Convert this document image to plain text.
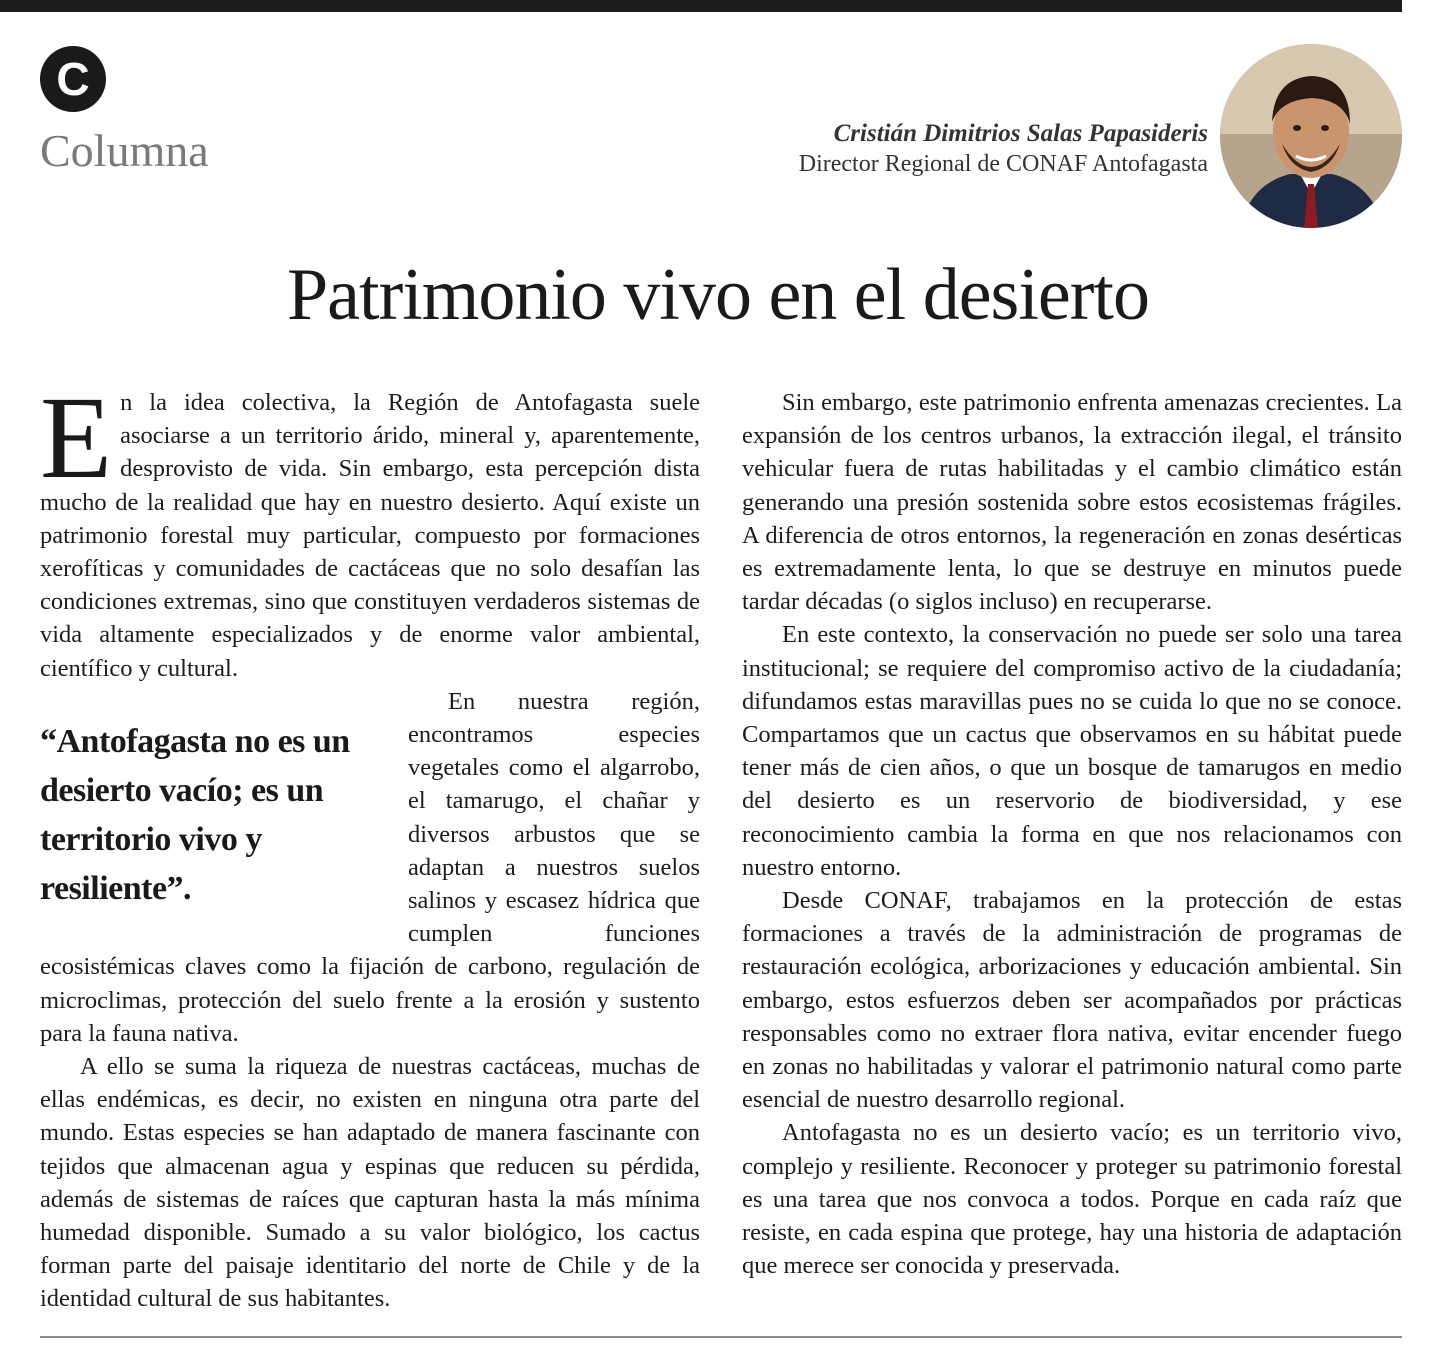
C
Columna	Cristián Dimitrios Salas Papasideris
Director Regional de CONAF Antofagasta
Patrimonio vivo en el desierto

En la idea colectiva, la Región de Antofagasta suele asociarse a un territorio árido, mineral y, aparentemente, desprovisto de vida. Sin embargo, esta percepción dista mucho de la realidad que hay en nuestro desierto. Aquí existe un patrimonio forestal muy particular, compuesto por formaciones xerofíticas y comunidades de cactáceas que no solo desafían las condiciones extremas, sino que constituyen verdaderos sistemas de vida altamente especializados y de enorme valor ambiental, científico y cultural.

“Antofagasta no es un desierto vacío; es un territorio vivo y resiliente”.

En nuestra región, encontramos especies vegetales como el algarrobo, el tamarugo, el chañar y diversos arbustos que se adaptan a nuestros suelos salinos y escasez hídrica que cumplen funciones ecosistémicas claves como la fijación de carbono, regulación de microclimas, protección del suelo frente a la erosión y sustento para la fauna nativa.

A ello se suma la riqueza de nuestras cactáceas, muchas de ellas endémicas, es decir, no existen en ninguna otra parte del mundo. Estas especies se han adaptado de manera fascinante con tejidos que almacenan agua y espinas que reducen su pérdida, además de sistemas de raíces que capturan hasta la más mínima humedad disponible. Sumado a su valor biológico, los cactus forman parte del paisaje identitario del norte de Chile y de la identidad cultural de sus habitantes.

Sin embargo, este patrimonio enfrenta amenazas crecientes. La expansión de los centros urbanos, la extracción ilegal, el tránsito vehicular fuera de rutas habilitadas y el cambio climático están generando una presión sostenida sobre estos ecosistemas frágiles. A diferencia de otros entornos, la regeneración en zonas desérticas es extremadamente lenta, lo que se destruye en minutos puede tardar décadas (o siglos incluso) en recuperarse.

En este contexto, la conservación no puede ser solo una tarea institucional; se requiere del compromiso activo de la ciudadanía; difundamos estas maravillas pues no se cuida lo que no se conoce. Compartamos que un cactus que observamos en su hábitat puede tener más de cien años, o que un bosque de tamarugos en medio del desierto es un reservorio de biodiversidad, y ese reconocimiento cambia la forma en que nos relacionamos con nuestro entorno.

Desde CONAF, trabajamos en la protección de estas formaciones a través de la administración de programas de restauración ecológica, arborizaciones y educación ambiental. Sin embargo, estos esfuerzos deben ser acompañados por prácticas responsables como no extraer flora nativa, evitar encender fuego en zonas no habilitadas y valorar el patrimonio natural como parte esencial de nuestro desarrollo regional.

Antofagasta no es un desierto vacío; es un territorio vivo, complejo y resiliente. Reconocer y proteger su patrimonio forestal es una tarea que nos convoca a todos. Porque en cada raíz que resiste, en cada espina que protege, hay una historia de adaptación que merece ser conocida y preservada.
